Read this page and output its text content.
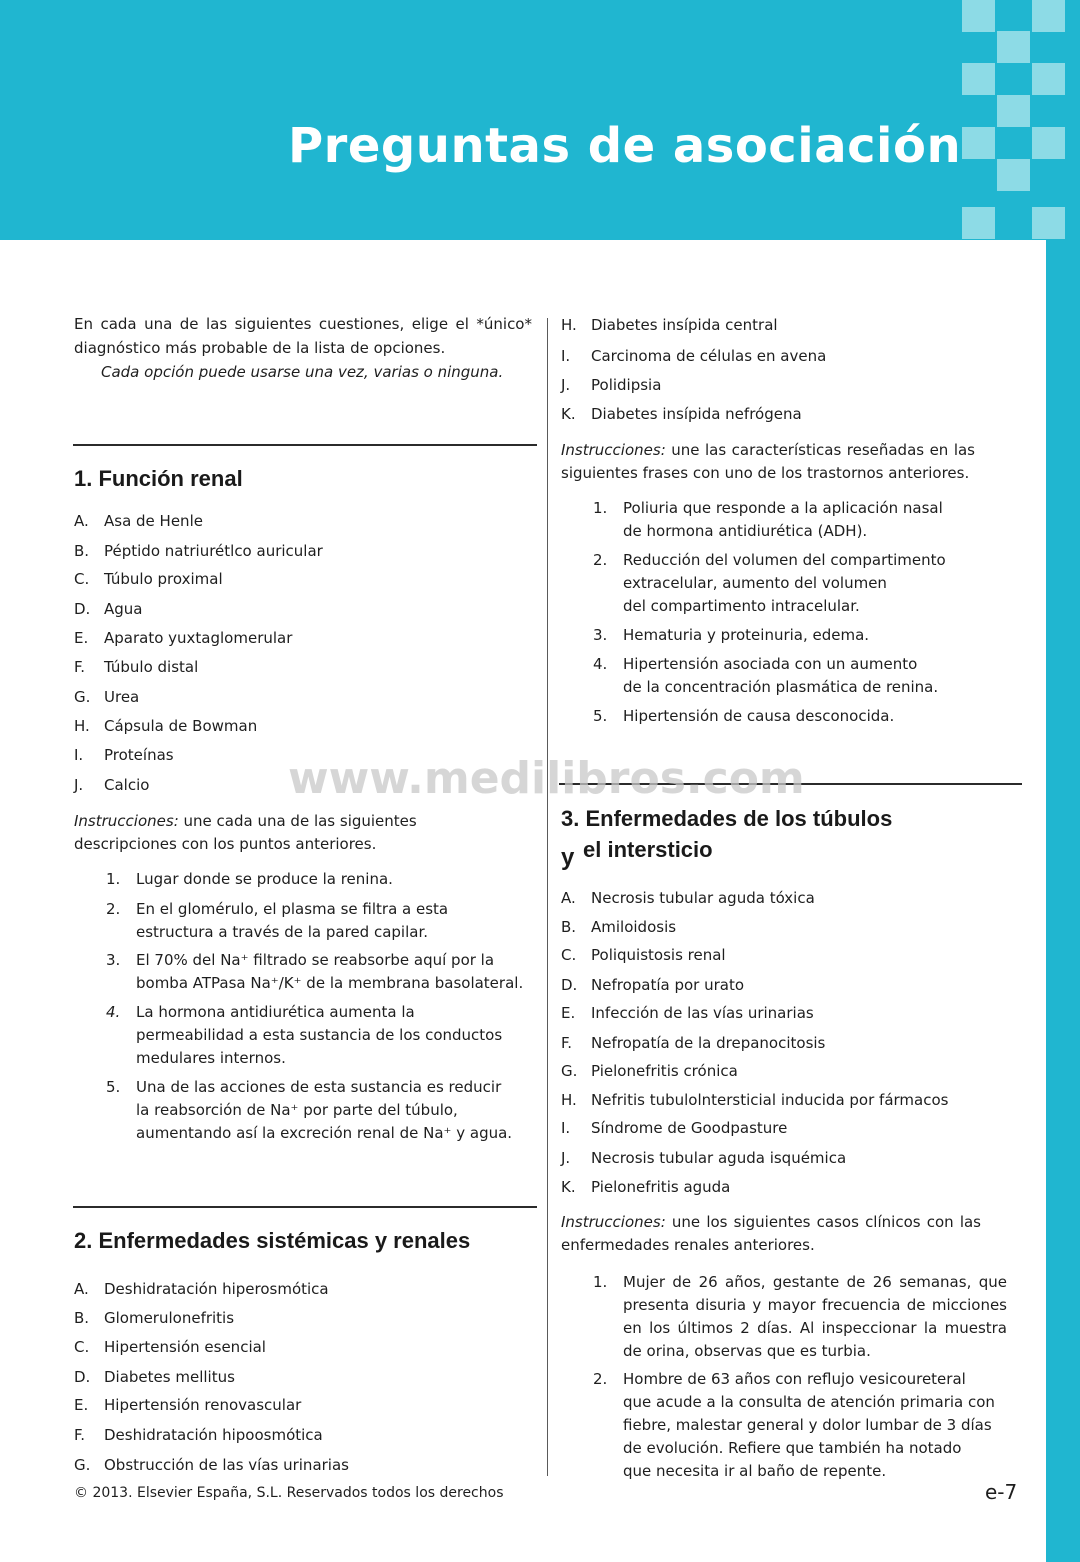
Preguntas de asociación
En cada una de las siguientes cuestiones, elige el *único*
diagnóstico más probable de la lista de opciones.
Cada opción puede usarse una vez, varias o ninguna.
1. Función renal
A. Asa de Henle
B. Péptido natriurétlco auricular
C. Túbulo proximal
D. Agua
E. Aparato yuxtaglomerular
F. Túbulo distal
G. Urea
H. Cápsula de Bowman
I. Proteínas
J. Calcio
Instrucciones: une cada una de las siguientes
descripciones con los puntos anteriores.
1. Lugar donde se produce la renina.
2. En el glomérulo, el plasma se filtra a esta
estructura a través de la pared capilar.
3. El 70% del Na⁺ filtrado se reabsorbe aquí por la
bomba ATPasa Na⁺/K⁺ de la membrana basolateral.
4. La hormona antidiurética aumenta la
permeabilidad a esta sustancia de los conductos
medulares internos.
5. Una de las acciones de esta sustancia es reducir
la reabsorción de Na⁺ por parte del túbulo,
aumentando así la excreción renal de Na⁺ y agua.
2. Enfermedades sistémicas y renales
A. Deshidratación hiperosmótica
B. Glomerulonefritis
C. Hipertensión esencial
D. Diabetes mellitus
E. Hipertensión renovascular
F. Deshidratación hipoosmótica
G. Obstrucción de las vías urinarias
H. Diabetes insípida central
I. Carcinoma de células en avena
J. Polidipsia
K. Diabetes insípida nefrógena
Instrucciones: une las características reseñadas en las
siguientes frases con uno de los trastornos anteriores.
1. Poliuria que responde a la aplicación nasal
de hormona antidiurética (ADH).
2. Reducción del volumen del compartimento
extracelular, aumento del volumen
del compartimento intracelular.
3. Hematuria y proteinuria, edema.
4. Hipertensión asociada con un aumento
de la concentración plasmática de renina.
5. Hipertensión de causa desconocida.
3. Enfermedades de los túbulos
y el intersticio
A. Necrosis tubular aguda tóxica
B. Amiloidosis
C. Poliquistosis renal
D. Nefropatía por urato
E. Infección de las vías urinarias
F. Nefropatía de la drepanocitosis
G. Pielonefritis crónica
H. Nefritis tubulolntersticial inducida por fármacos
I. Síndrome de Goodpasture
J. Necrosis tubular aguda isquémica
K. Pielonefritis aguda
Instrucciones: une los siguientes casos clínicos con las
enfermedades renales anteriores.
1. Mujer de 26 años, gestante de 26 semanas, que
presenta disuria y mayor frecuencia de micciones
en los últimos 2 días. Al inspeccionar la muestra
de orina, observas que es turbia.
2. Hombre de 63 años con reflujo vesicoureteral
que acude a la consulta de atención primaria con
fiebre, malestar general y dolor lumbar de 3 días
de evolución. Refiere que también ha notado
que necesita ir al baño de repente.
www.medilibros.com
© 2013. Elsevier España, S.L. Reservados todos los derechos	e-7
